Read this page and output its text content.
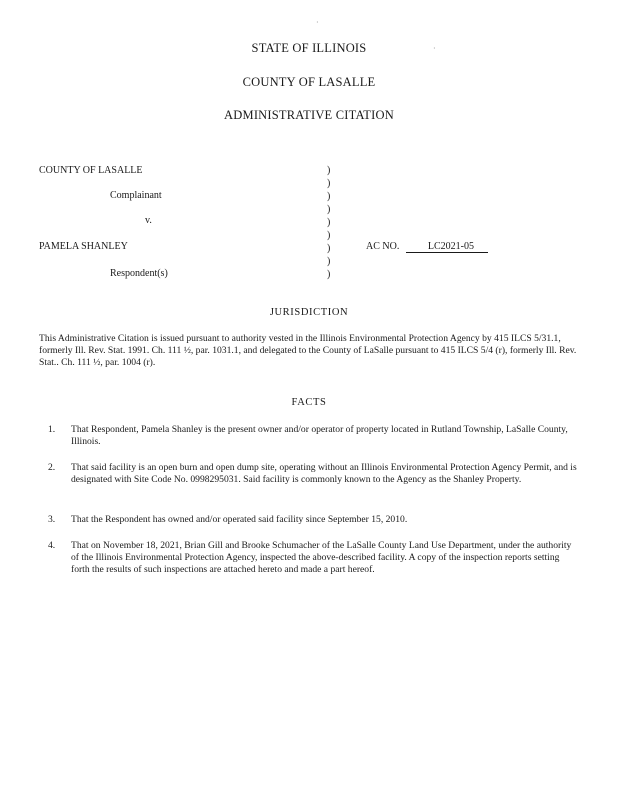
·
·
STATE OF ILLINOIS
COUNTY OF LASALLE
ADMINISTRATIVE CITATION
COUNTY OF LASALLE
Complainant
v.
PAMELA SHANLEY
Respondent(s)
)
)
)
)
)
)
)
)
)
AC NO.	LC2021-05
JURISDICTION

This Administrative Citation is issued pursuant to authority vested in the Illinois Environmental Protection Agency by 415 ILCS 5/31.1, formerly Ill. Rev. Stat. 1991. Ch. 111 ½, par. 1031.1, and delegated to the County of LaSalle pursuant to 415 ILCS 5/4 (r), formerly Ill. Rev. Stat.. Ch. 111 ½, par. 1004 (r).

FACTS
1. That Respondent, Pamela Shanley is the present owner and/or operator of property located in Rutland Township, LaSalle County, Illinois.
2. That said facility is an open burn and open dump site, operating without an Illinois Environmental Protection Agency Permit, and is designated with Site Code No. 0998295031. Said facility is commonly known to the Agency as the Shanley Property.
3. That the Respondent has owned and/or operated said facility since September 15, 2010.
4. That on November 18, 2021, Brian Gill and Brooke Schumacher of the LaSalle County Land Use Department, under the authority of the Illinois Environmental Protection Agency, inspected the above-described facility. A copy of the inspection reports setting forth the results of such inspections are attached hereto and made a part hereof.
